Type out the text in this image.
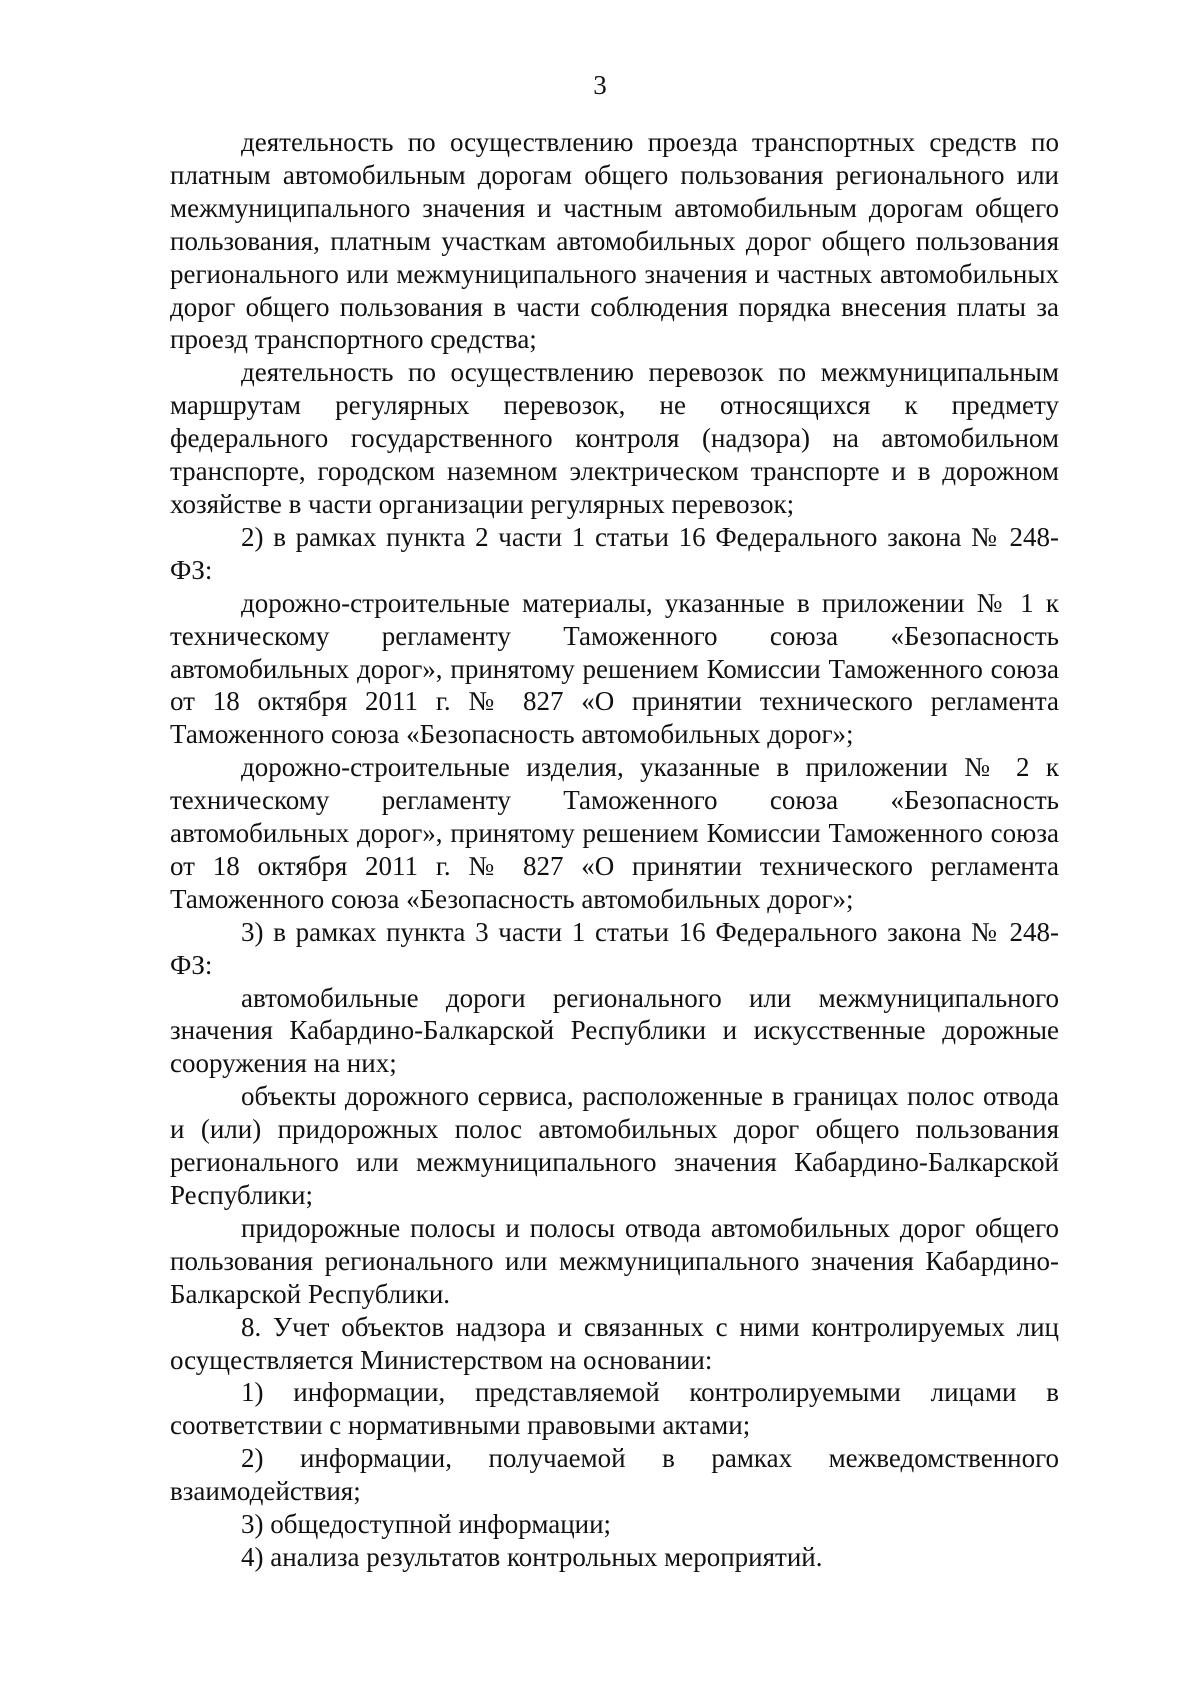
3

деятельность по осуществлению проезда транспортных средств по платным автомобильным дорогам общего пользования регионального или межмуниципального значения и частным автомобильным дорогам общего пользования, платным участкам автомобильных дорог общего пользования регионального или межмуниципального значения и частных автомобильных дорог общего пользования в части соблюдения порядка внесения платы за проезд транспортного средства;

деятельность по осуществлению перевозок по межмуниципальным маршрутам регулярных перевозок, не относящихся к предмету федерального государственного контроля (надзора) на автомобильном транспорте, городском наземном электрическом транспорте и в дорожном хозяйстве в части организации регулярных перевозок;

2) в рамках пункта 2 части 1 статьи 16 Федерального закона № 248-ФЗ:

дорожно-строительные материалы, указанные в приложении № 1 к техническому регламенту Таможенного союза «Безопасность автомобильных дорог», принятому решением Комиссии Таможенного союза от 18 октября 2011 г. № 827 «О принятии технического регламента Таможенного союза «Безопасность автомобильных дорог»;

дорожно-строительные изделия, указанные в приложении № 2 к техническому регламенту Таможенного союза «Безопасность автомобильных дорог», принятому решением Комиссии Таможенного союза от 18 октября 2011 г. № 827 «О принятии технического регламента Таможенного союза «Безопасность автомобильных дорог»;

3) в рамках пункта 3 части 1 статьи 16 Федерального закона № 248-ФЗ:

автомобильные дороги регионального или межмуниципального значения Кабардино-Балкарской Республики и искусственные дорожные сооружения на них;

объекты дорожного сервиса, расположенные в границах полос отвода и (или) придорожных полос автомобильных дорог общего пользования регионального или межмуниципального значения Кабардино-Балкарской Республики;

придорожные полосы и полосы отвода автомобильных дорог общего пользования регионального или межмуниципального значения Кабардино-Балкарской Республики.

8. Учет объектов надзора и связанных с ними контролируемых лиц осуществляется Министерством на основании:

1) информации, представляемой контролируемыми лицами в соответствии с нормативными правовыми актами;

2) информации, получаемой в рамках межведомственного взаимодействия;

3) общедоступной информации;

4) анализа результатов контрольных мероприятий.
